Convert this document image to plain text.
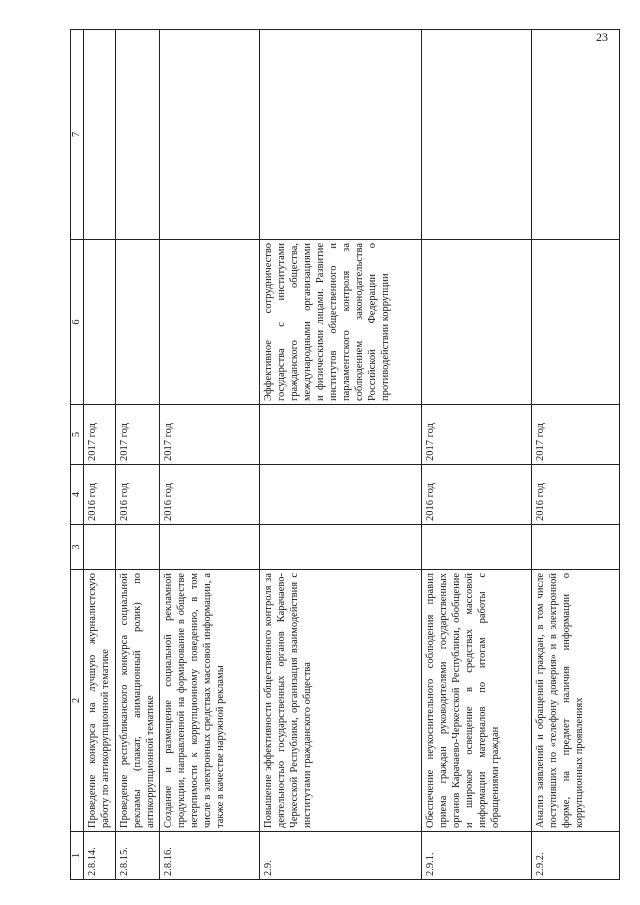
23
1	2	3	4	5	6	7
2.8.14.	Проведение конкурса на лучшую журналистскую работу по антикоррупционной тематике		2016 год	2017 год		
2.8.15.	Проведение республиканского конкурса социальной рекламы (плакат, анимационный ролик) по антикоррупционной тематике		2016 год	2017 год		
2.8.16.	Создание и размещение социальной рекламной продукции, направленной на формирование в обществе нетерпимости к коррупционному поведению, в том числе в электронных средствах массовой информации, а также в качестве наружной рекламы		2016 год	2017 год		
2.9.	Повышение эффективности общественного контроля за деятельностью государственных органов Карачаево-Черкесской Республики, организация взаимодействия с институтами гражданского общества				Эффективное сотрудничество государства с институтами гражданского общества, международными организациями и физическими лицами. Развитие институтов общественного и парламентского контроля за соблюдением законодательства Российской Федерации о противодействии коррупции	
2.9.1.	Обеспечение неукоснительного соблюдения правил приема граждан руководителями государственных органов Карачаево-Черкесской Республики, обобщение и широкое освещение в средствах массовой информации материалов по итогам работы с обращениями граждан		2016 год	2017 год		
2.9.2.	Анализ заявлений и обращений граждан, в том числе поступивших по «телефону доверия» и в электронной форме, на предмет наличия информации о коррупционных проявлениях		2016 год	2017 год		
